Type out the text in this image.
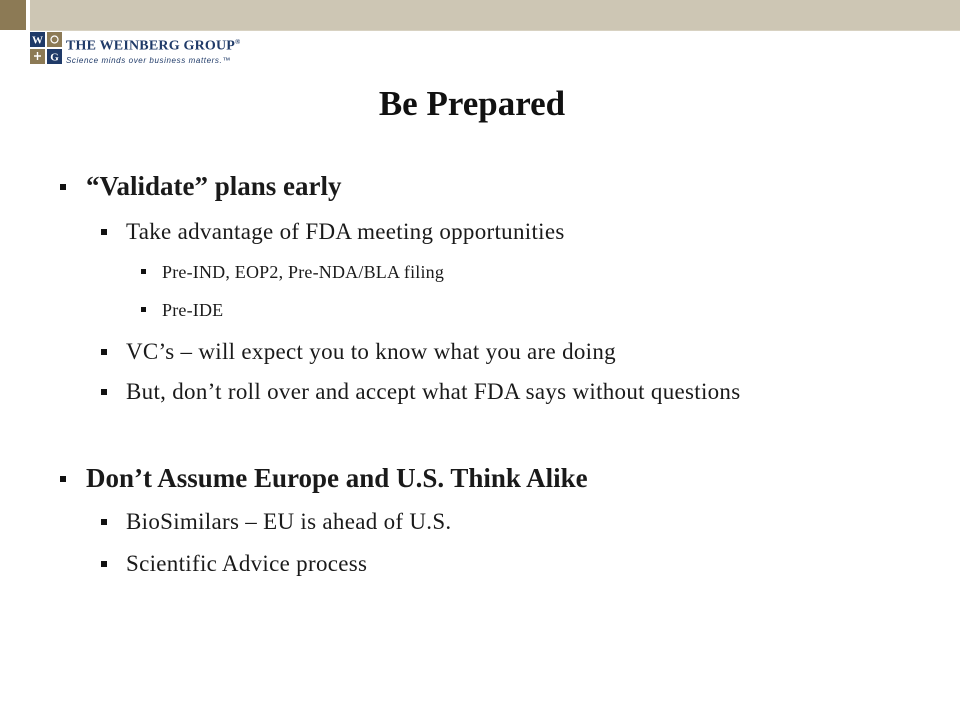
W
G
THE WEINBERG GROUP®
Science minds over business matters.™
Be Prepared
“Validate” plans early
Take advantage of FDA meeting opportunities
Pre-IND, EOP2, Pre-NDA/BLA filing
Pre-IDE
VC’s – will expect you to know what you are doing
But, don’t roll over and accept what FDA says without questions
Don’t Assume Europe and U.S. Think Alike
BioSimilars – EU is ahead of U.S.
Scientific Advice process
